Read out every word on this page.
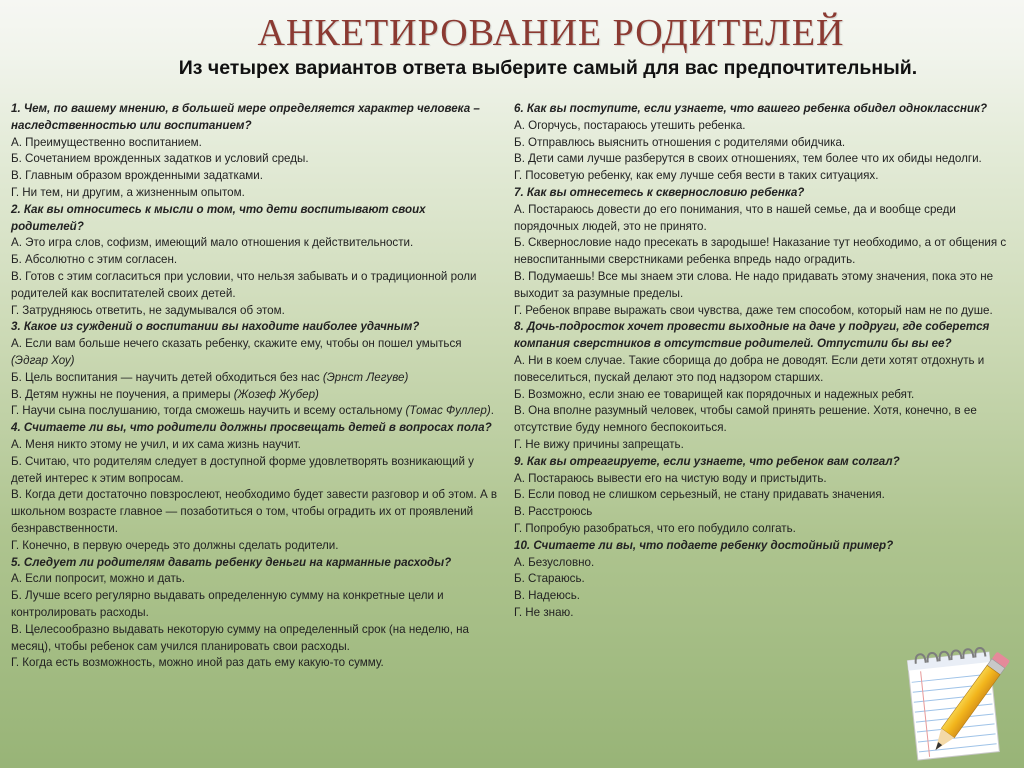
АНКЕТИРОВАНИЕ РОДИТЕЛЕЙ
Из четырех вариантов ответа выберите самый для вас предпочтительный.

1. Чем, по вашему мнению, в большей мере определяется характер человека – наследственностью или воспитанием?

А. Преимущественно воспитанием.

Б. Сочетанием врожденных задатков и условий среды.

В. Главным образом врожденными задатками.

Г. Ни тем, ни другим, а жизненным опытом.

2. Как вы относитесь к мысли о том, что дети воспитывают своих родителей?

А. Это игра слов, софизм, имеющий мало отношения к действительности.

Б. Абсолютно с этим согласен.

В. Готов с этим согласиться при условии, что нельзя забывать и о традиционной роли родителей как воспитателей своих детей.

Г. Затрудняюсь ответить, не задумывался об этом.

3. Какое из суждений о воспитании вы находите наиболее удачным?

А. Если вам больше нечего сказать ребенку, скажите ему, чтобы он пошел умыться (Эдгар Хоу)

Б. Цель воспитания — научить детей обходиться без нас (Эрнст Легуве)

В. Детям нужны не поучения, а примеры (Жозеф Жубер)

Г. Научи сына послушанию, тогда сможешь научить и всему остальному (Томас Фуллер).

4. Считаете ли вы, что родители должны просвещать детей в вопросах пола?

А. Меня никто этому не учил, и их сама жизнь научит.

Б. Считаю, что родителям следует в доступной форме удовлетворять возникающий у детей интерес к этим вопросам.

В. Когда дети достаточно повзрослеют, необходимо будет завести разговор и об этом. А в школьном возрасте главное — позаботиться о том, чтобы оградить их от проявлений безнравственности.

Г. Конечно, в первую очередь это должны сделать родители.

5. Следует ли родителям давать ребенку деньги на карманные расходы?

А. Если попросит, можно и дать.

Б. Лучше всего регулярно выдавать определенную сумму на конкретные цели и контролировать расходы.

В. Целесообразно выдавать некоторую сумму на определенный срок (на неделю, на месяц), чтобы ребенок сам учился планировать свои расходы.

Г. Когда есть возможность, можно иной раз дать ему какую-то сумму.

6. Как вы поступите, если узнаете, что вашего ребенка обидел одноклассник?

А. Огорчусь, постараюсь утешить ребенка.

Б. Отправлюсь выяснить отношения с родителями обидчика.

В. Дети сами лучше разберутся в своих отношениях, тем более что их обиды недолги.

Г. Посоветую ребенку, как ему лучше себя вести в таких ситуациях.

7. Как вы отнесетесь к сквернословию ребенка?

А. Постараюсь довести до его понимания, что в нашей семье, да и вообще среди порядочных людей, это не принято.

Б. Сквернословие надо пресекать в зародыше! Наказание тут необходимо, а от общения с невоспитанными сверстниками ребенка впредь надо оградить.

В. Подумаешь! Все мы знаем эти слова. Не надо придавать этому значения, пока это не выходит за разумные пределы.

Г. Ребенок вправе выражать свои чувства, даже тем способом, который нам не по душе.

8. Дочь-подросток хочет провести выходные на даче у подруги, где соберется компания сверстников в отсутствие родителей. Отпустили бы вы ее?

А. Ни в коем случае. Такие сборища до добра не доводят. Если дети хотят отдохнуть и повеселиться, пускай делают это под надзором старших.

Б. Возможно, если знаю ее товарищей как порядочных и надежных ребят.

В. Она вполне разумный человек, чтобы самой принять решение. Хотя, конечно, в ее отсутствие буду немного беспокоиться.

Г. Не вижу причины запрещать.

9. Как вы отреагируете, если узнаете, что ребенок вам солгал?

А. Постараюсь вывести его на чистую воду и пристыдить.

Б. Если повод не слишком серьезный, не стану придавать значения.

В. Расстроюсь

Г. Попробую разобраться, что его побудило солгать.

10. Считаете ли вы, что подаете ребенку достойный пример?

А. Безусловно.

Б. Стараюсь.

В. Надеюсь.

Г. Не знаю.
